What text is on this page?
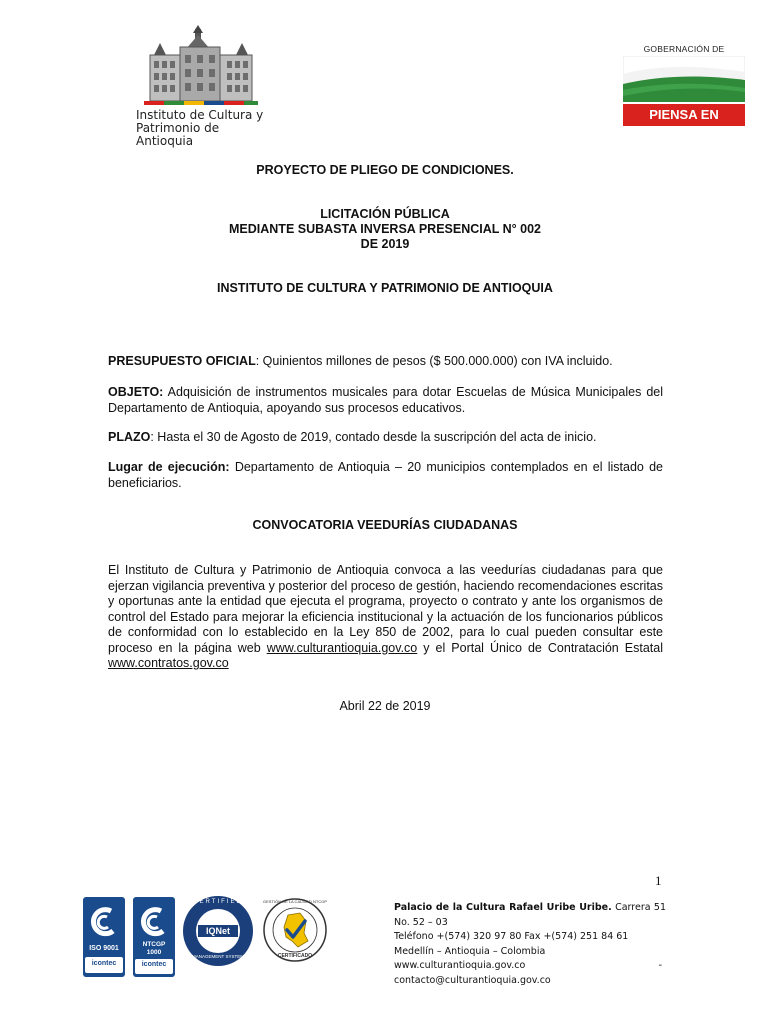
Instituto de Cultura y
Patrimonio de Antioquia
GOBERNACIÓN DE
PIENSA EN GRANDE
PROYECTO DE PLIEGO DE CONDICIONES.
LICITACIÓN PÚBLICA
MEDIANTE SUBASTA INVERSA PRESENCIAL N° 002
DE 2019
INSTITUTO DE CULTURA Y PATRIMONIO DE ANTIOQUIA
PRESUPUESTO OFICIAL: Quinientos millones de pesos ($ 500.000.000) con IVA incluido.
OBJETO: Adquisición de instrumentos musicales para dotar Escuelas de Música Municipales del Departamento de Antioquia, apoyando sus procesos educativos.
PLAZO: Hasta el 30 de Agosto de 2019, contado desde la suscripción del acta de inicio.
Lugar de ejecución: Departamento de Antioquia – 20 municipios contemplados en el listado de beneficiarios.
CONVOCATORIA VEEDURÍAS CIUDADANAS
El Instituto de Cultura y Patrimonio de Antioquia convoca a las veedurías ciudadanas para que ejerzan vigilancia preventiva y posterior del proceso de gestión, haciendo recomendaciones escritas y oportunas ante la entidad que ejecuta el programa, proyecto o contrato y ante los organismos de control del Estado para mejorar la eficiencia institucional y la actuación de los funcionarios públicos de conformidad con lo establecido en la Ley 850 de 2002, para lo cual pueden consultar este proceso en la página web www.culturantioquia.gov.co y el Portal Único de Contratación Estatal www.contratos.gov.co
Abril 22 de 2019
1
ISO 9001
icontec
NTCGP
1000
icontec
CERTIFIED
IQNet
MANAGEMENT SYSTEM
GESTIÓN DE LA CALIDAD NTCGP
CERTIFICADO
Palacio de la Cultura Rafael Uribe Uribe. Carrera 51 No. 52 – 03
Teléfono +(574) 320 97 80 Fax +(574) 251 84 61
Medellín – Antioquia – Colombia
www.culturantioquia.gov.co	-
contacto@culturantioquia.gov.co
